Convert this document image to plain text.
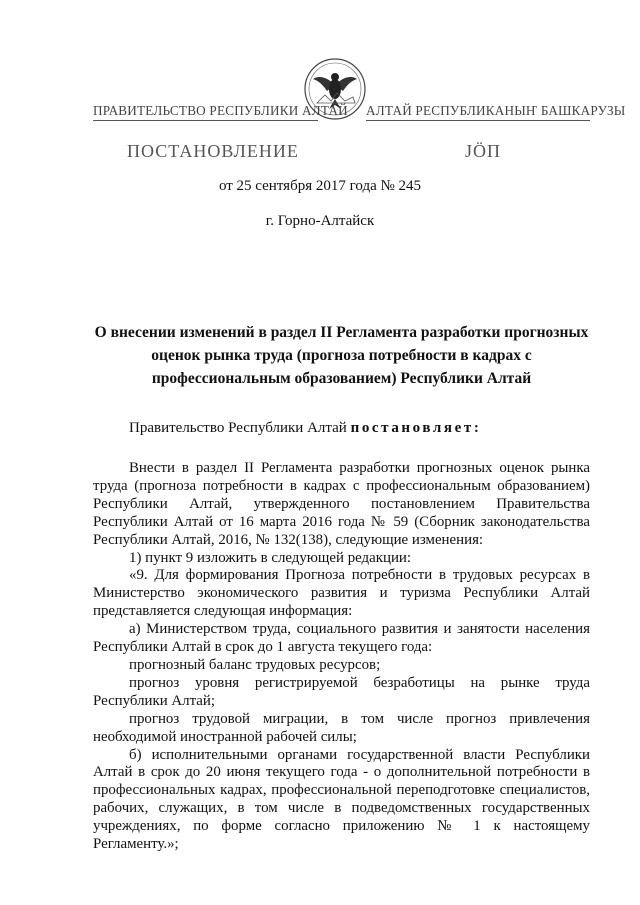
ПРАВИТЕЛЬСТВО РЕСПУБЛИКИ АЛТАЙ АЛТАЙ РЕСПУБЛИКАНЫҤ БАШКАРУЗЫ
ПОСТАНОВЛЕНИЕ	JÖП
от 25 сентября 2017 года № 245
г. Горно-Алтайск
О внесении изменений в раздел II Регламента разработки прогнозных оценок рынка труда (прогноза потребности в кадрах с профессиональным образованием) Республики Алтай
Правительство Республики Алтай постановляет:

Внести в раздел II Регламента разработки прогнозных оценок рынка труда (прогноза потребности в кадрах с профессиональным образованием) Республики Алтай, утвержденного постановлением Правительства Республики Алтай от 16 марта 2016 года № 59 (Сборник законодательства Республики Алтай, 2016, № 132(138), следующие изменения:

1) пункт 9 изложить в следующей редакции:

«9. Для формирования Прогноза потребности в трудовых ресурсах в Министерство экономического развития и туризма Республики Алтай представляется следующая информация:

а) Министерством труда, социального развития и занятости населения Республики Алтай в срок до 1 августа текущего года:

прогнозный баланс трудовых ресурсов;

прогноз уровня регистрируемой безработицы на рынке труда Республики Алтай;

прогноз трудовой миграции, в том числе прогноз привлечения необходимой иностранной рабочей силы;

б) исполнительными органами государственной власти Республики Алтай в срок до 20 июня текущего года - о дополнительной потребности в профессиональных кадрах, профессиональной переподготовке специалистов, рабочих, служащих, в том числе в подведомственных государственных учреждениях, по форме согласно приложению № 1 к настоящему Регламенту.»;
